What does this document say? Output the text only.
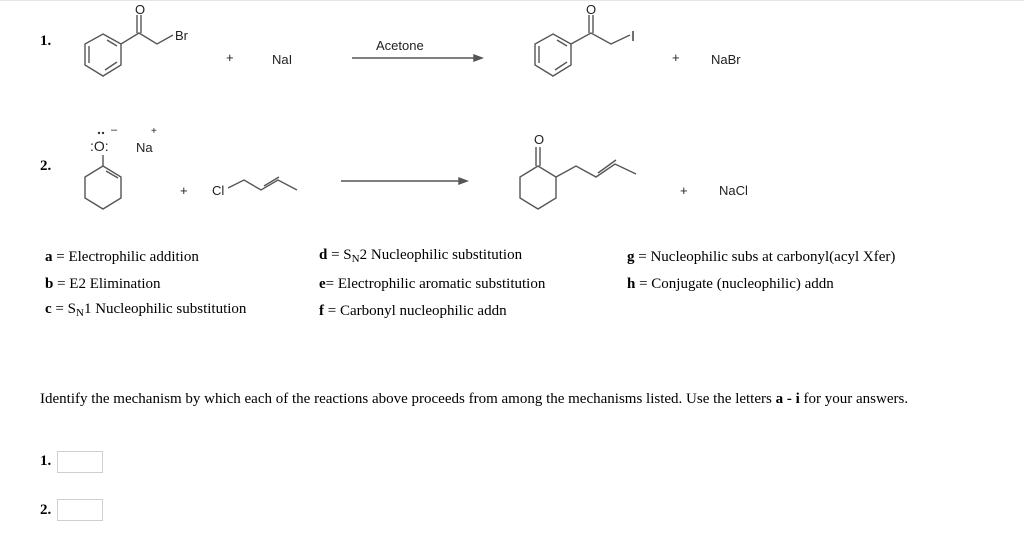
1.
O
Br
+	NaI
Acetone
O
+ NaBr
2.
:O:
–
Na
+
+ Cl
O
+ NaCl
a = Electrophilic addition
b = E2 Elimination
$c = S_N1$ Nucleophilic substitution
$d = S_N2$ Nucleophilic substitution
e= Electrophilic aromatic substitution
f = Carbonyl nucleophilic addn
g = Nucleophilic subs at carbonyl(acyl Xfer)
h = Conjugate (nucleophilic) addn
Identify the mechanism by which each of the reactions above proceeds from among the mechanisms listed. Use the letters a - i for your answers.
1.
2.
